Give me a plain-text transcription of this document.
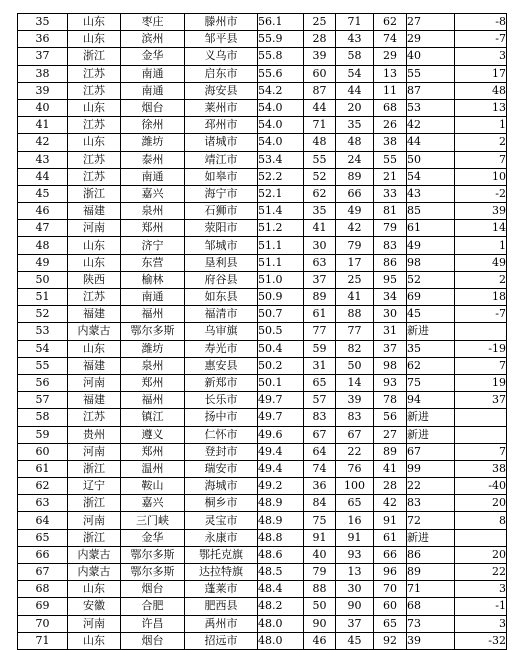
35	山东	枣庄	滕州市	56.1	25	71	62	27	-8
36	山东	滨州	邹平县	55.9	28	43	74	29	-7
37	浙江	金华	义乌市	55.8	39	58	29	40	3
38	江苏	南通	启东市	55.6	60	54	13	55	17
39	江苏	南通	海安县	54.2	87	44	11	87	48
40	山东	烟台	莱州市	54.0	44	20	68	53	13
41	江苏	徐州	邳州市	54.0	71	35	26	42	1
42	山东	潍坊	诸城市	54.0	48	48	38	44	2
43	江苏	泰州	靖江市	53.4	55	24	55	50	7
44	江苏	南通	如皋市	52.2	52	89	21	54	10
45	浙江	嘉兴	海宁市	52.1	62	66	33	43	-2
46	福建	泉州	石狮市	51.4	35	49	81	85	39
47	河南	郑州	荥阳市	51.2	41	42	79	61	14
48	山东	济宁	邹城市	51.1	30	79	83	49	1
49	山东	东营	垦利县	51.1	63	17	86	98	49
50	陕西	榆林	府谷县	51.0	37	25	95	52	2
51	江苏	南通	如东县	50.9	89	41	34	69	18
52	福建	福州	福清市	50.7	61	88	30	45	-7
53	内蒙古	鄂尔多斯	乌审旗	50.5	77	77	31	新进	
54	山东	潍坊	寿光市	50.4	59	82	37	35	-19
55	福建	泉州	惠安县	50.2	31	50	98	62	7
56	河南	郑州	新郑市	50.1	65	14	93	75	19
57	福建	福州	长乐市	49.7	57	39	78	94	37
58	江苏	镇江	扬中市	49.7	83	83	56	新进	
59	贵州	遵义	仁怀市	49.6	67	67	27	新进	
60	河南	郑州	登封市	49.4	64	22	89	67	7
61	浙江	温州	瑞安市	49.4	74	76	41	99	38
62	辽宁	鞍山	海城市	49.2	36	100	28	22	-40
63	浙江	嘉兴	桐乡市	48.9	84	65	42	83	20
64	河南	三门峡	灵宝市	48.9	75	16	91	72	8
65	浙江	金华	永康市	48.8	91	91	61	新进	
66	内蒙古	鄂尔多斯	鄂托克旗	48.6	40	93	66	86	20
67	内蒙古	鄂尔多斯	达拉特旗	48.5	79	13	96	89	22
68	山东	烟台	蓬莱市	48.4	88	30	70	71	3
69	安徽	合肥	肥西县	48.2	50	90	60	68	-1
70	河南	许昌	禹州市	48.0	90	37	65	73	3
71	山东	烟台	招远市	48.0	46	45	92	39	-32
